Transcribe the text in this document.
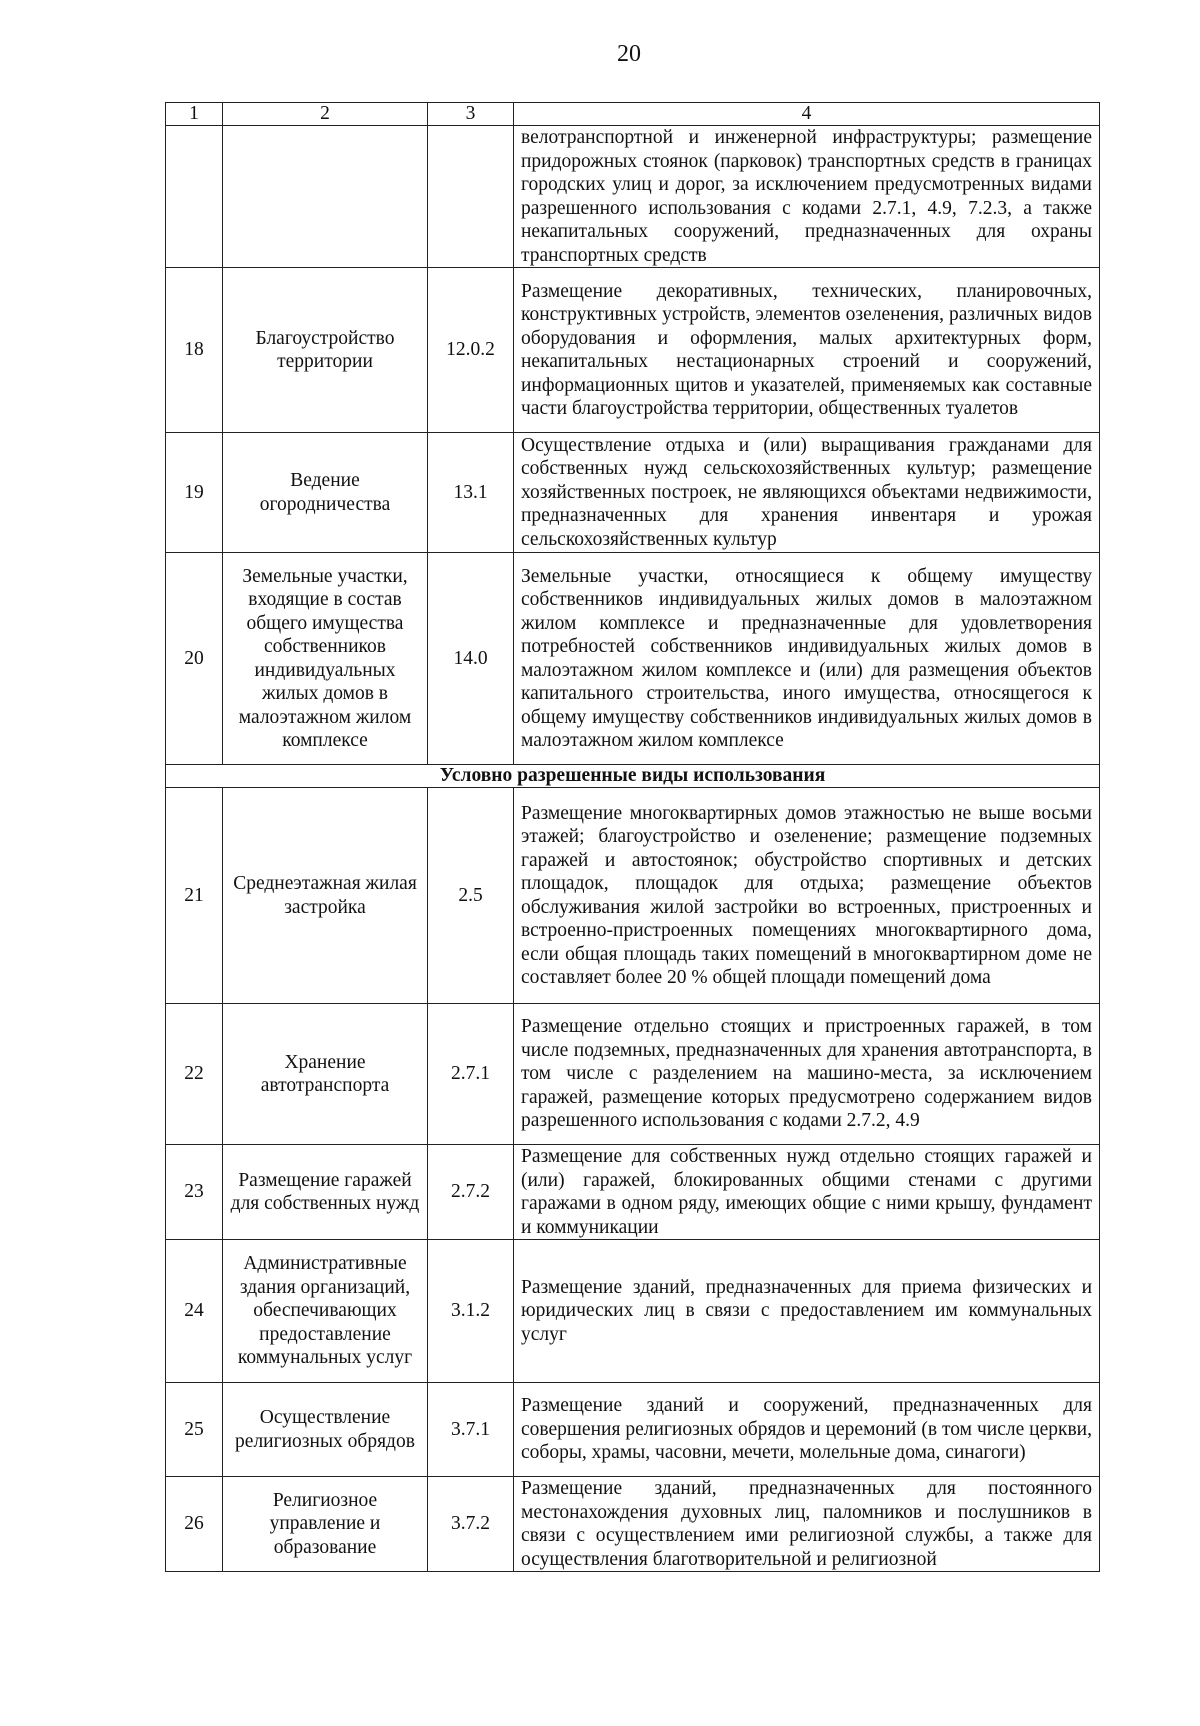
20
1	2	3	4
			велотранспортной и инженерной инфраструктуры; размещение придорожных стоянок (парковок) транспортных средств в границах городских улиц и дорог, за исключением предусмотренных видами разрешенного использования с кодами 2.7.1, 4.9, 7.2.3, а также некапитальных сооружений, предназначенных для охраны транспортных средств
18	Благоустройство территории	12.0.2	Размещение декоративных, технических, планировочных, конструктивных устройств, элементов озеленения, различных видов оборудования и оформления, малых архитектурных форм, некапитальных нестационарных строений и сооружений, информационных щитов и указателей, применяемых как составные части благоустройства территории, общественных туалетов
19	Ведение огородничества	13.1	Осуществление отдыха и (или) выращивания гражданами для собственных нужд сельскохозяйственных культур; размещение хозяйственных построек, не являющихся объектами недвижимости, предназначенных для хранения инвентаря и урожая сельскохозяйственных культур
20	Земельные участки, входящие в состав общего имущества собственников индивидуальных жилых домов в малоэтажном жилом комплексе	14.0	Земельные участки, относящиеся к общему имуществу собственников индивидуальных жилых домов в малоэтажном жилом комплексе и предназначенные для удовлетворения потребностей собственников индивидуальных жилых домов в малоэтажном жилом комплексе и (или) для размещения объектов капитального строительства, иного имущества, относящегося к общему имуществу собственников индивидуальных жилых домов в малоэтажном жилом комплексе
Условно разрешенные виды использования			
21	Среднеэтажная жилая застройка	2.5	Размещение многоквартирных домов этажностью не выше восьми этажей; благоустройство и озеленение; размещение подземных гаражей и автостоянок; обустройство спортивных и детских площадок, площадок для отдыха; размещение объектов обслуживания жилой застройки во встроенных, пристроенных и встроенно-пристроенных помещениях многоквартирного дома, если общая площадь таких помещений в многоквартирном доме не составляет более 20 % общей площади помещений дома
22	Хранение автотранспорта	2.7.1	Размещение отдельно стоящих и пристроенных гаражей, в том числе подземных, предназначенных для хранения автотранспорта, в том числе с разделением на машино-места, за исключением гаражей, размещение которых предусмотрено содержанием видов разрешенного использования с кодами 2.7.2, 4.9
23	Размещение гаражей для собственных нужд	2.7.2	Размещение для собственных нужд отдельно стоящих гаражей и (или) гаражей, блокированных общими стенами с другими гаражами в одном ряду, имеющих общие с ними крышу, фундамент и коммуникации
24	Административные здания организаций, обеспечивающих предоставление коммунальных услуг	3.1.2	Размещение зданий, предназначенных для приема физических и юридических лиц в связи с предоставлением им коммунальных услуг
25	Осуществление религиозных обрядов	3.7.1	Размещение зданий и сооружений, предназначенных для совершения религиозных обрядов и церемоний (в том числе церкви, соборы, храмы, часовни, мечети, молельные дома, синагоги)
26	Религиозное управление и образование	3.7.2	Размещение зданий, предназначенных для постоянного местонахождения духовных лиц, паломников и послушников в связи с осуществлением ими религиозной службы, а также для осуществления благотворительной и религиозной
